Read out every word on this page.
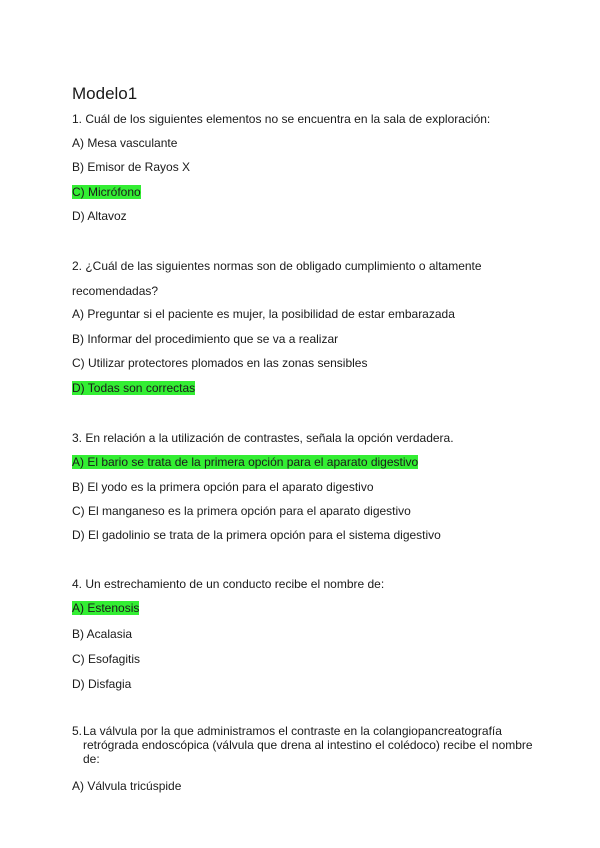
Modelo1
1. Cuál de los siguientes elementos no se encuentra en la sala de exploración:
A) Mesa vasculante
B) Emisor de Rayos X
C) Micrófono
D) Altavoz
2. ¿Cuál de las siguientes normas son de obligado cumplimiento o altamente
recomendadas?
A) Preguntar si el paciente es mujer, la posibilidad de estar embarazada
B) Informar del procedimiento que se va a realizar
C) Utilizar protectores plomados en las zonas sensibles
D) Todas son correctas
3. En relación a la utilización de contrastes, señala la opción verdadera.
A) El bario se trata de la primera opción para el aparato digestivo
B) El yodo es la primera opción para el aparato digestivo
C) El manganeso es la primera opción para el aparato digestivo
D) El gadolinio se trata de la primera opción para el sistema digestivo
4. Un estrechamiento de un conducto recibe el nombre de:
A) Estenosis
B) Acalasia
C) Esofagitis
D) Disfagia
5. La válvula por la que administramos el contraste en la colangiopancreatografía retrógrada endoscópica (válvula que drena al intestino el colédoco) recibe el nombre de:
A) Válvula tricúspide
